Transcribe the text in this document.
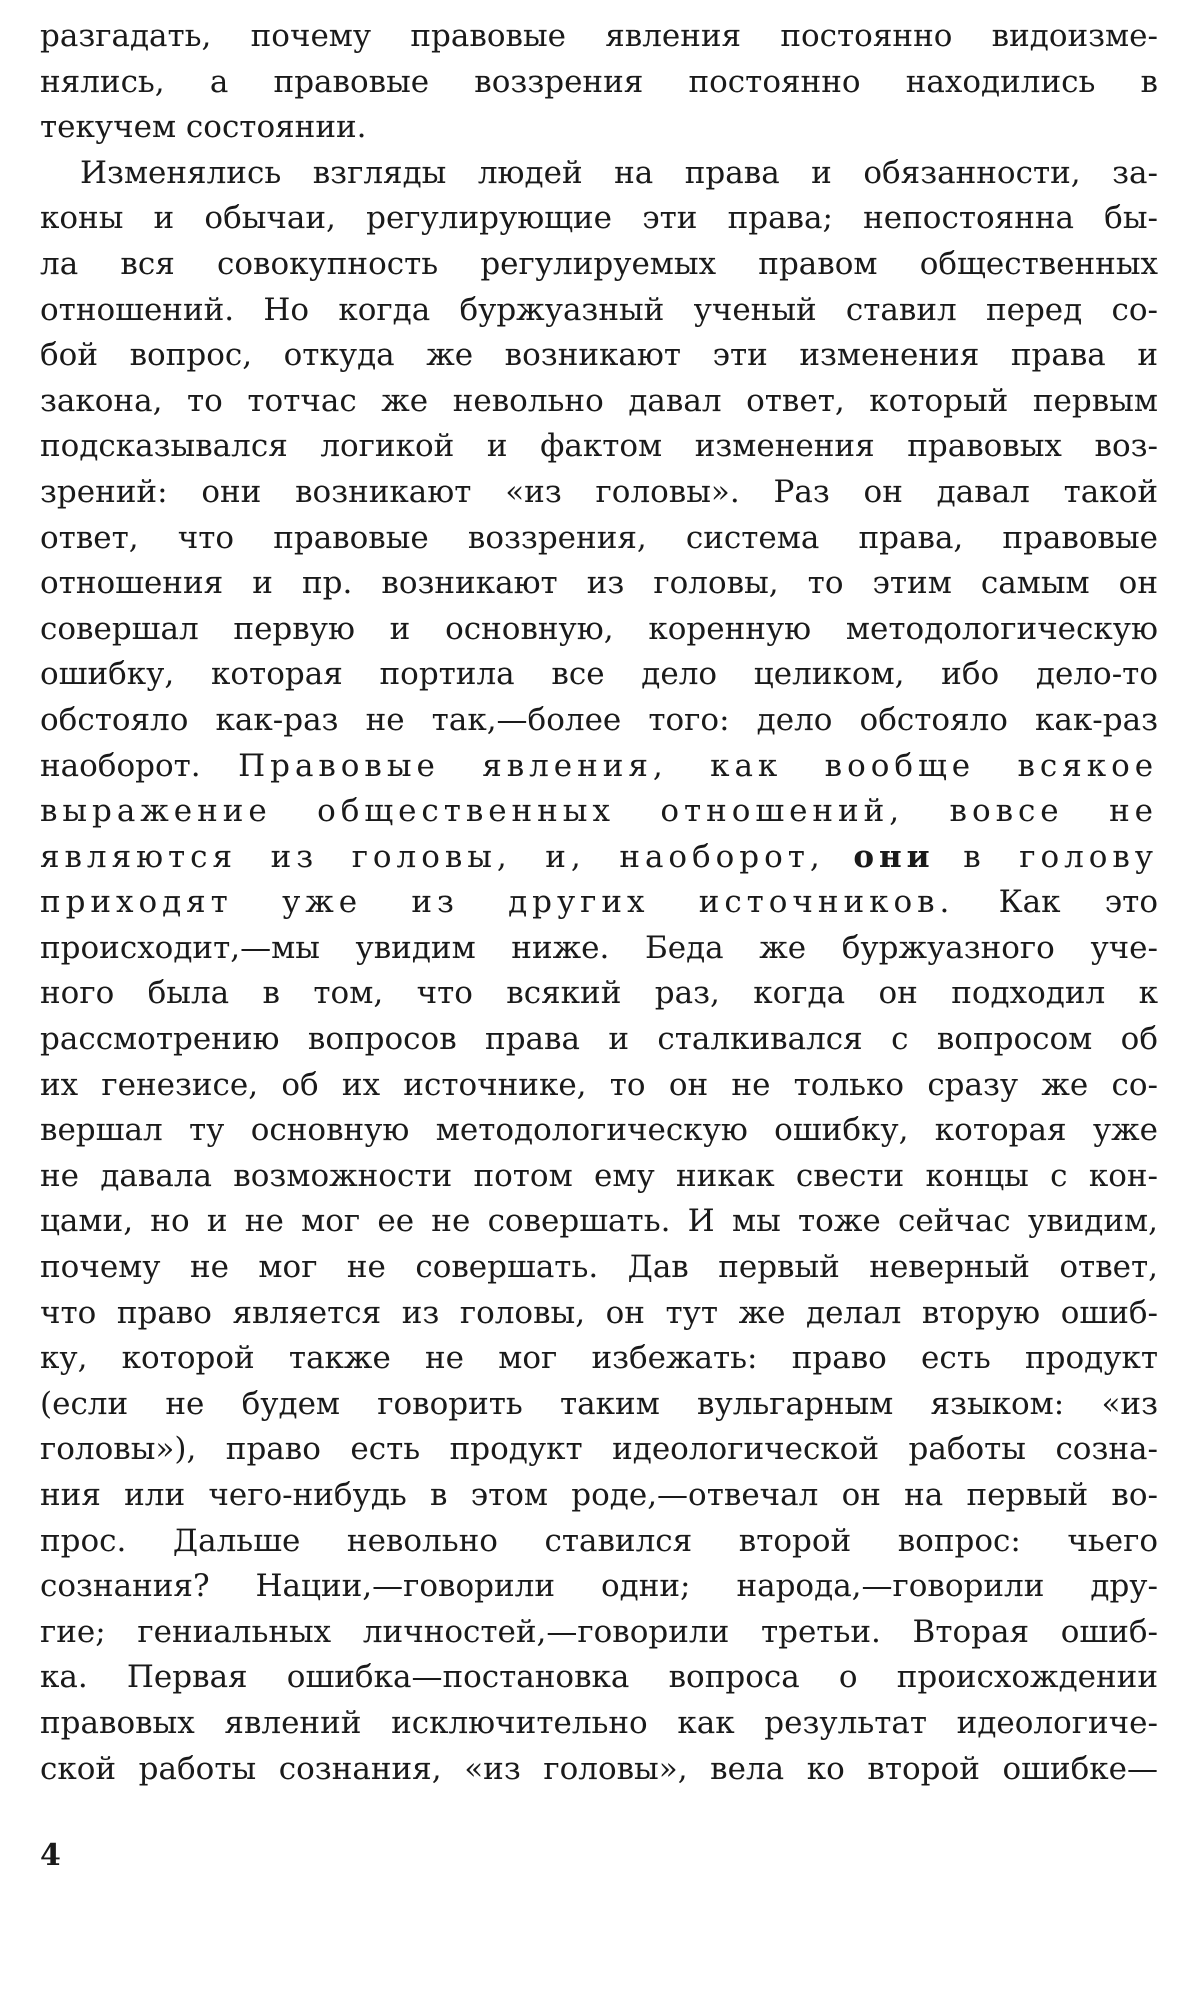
разгадать, почему правовые явления постоянно видоизме-
нялись, а правовые воззрения постоянно находились в
текучем состоянии.
Изменялись взгляды людей на права и обязанности, за-
коны и обычаи, регулирующие эти права; непостоянна бы-
ла вся совокупность регулируемых правом общественных
отношений. Но когда буржуазный ученый ставил перед со-
бой вопрос, откуда же возникают эти изменения права и
закона, то тотчас же невольно давал ответ, который первым
подсказывался логикой и фактом изменения правовых воз-
зрений: они возникают «из головы». Раз он давал такой
ответ, что правовые воззрения, система права, правовые
отношения и пр. возникают из головы, то этим самым он
совершал первую и основную, коренную методологическую
ошибку, которая портила все дело целиком, ибо дело-то
обстояло как-раз не так,—более того: дело обстояло как-раз
наоборот. Правовые явления, как вообще всякое
выражение общественных отношений, вовсе не
являются из головы, и, наоборот, они в голову
приходят уже из других источников. Как это
происходит,—мы увидим ниже. Беда же буржуазного уче-
ного была в том, что всякий раз, когда он подходил к
рассмотрению вопросов права и сталкивался с вопросом об
их генезисе, об их источнике, то он не только сразу же со-
вершал ту основную методологическую ошибку, которая уже
не давала возможности потом ему никак свести концы с кон-
цами, но и не мог ее не совершать. И мы тоже сейчас увидим,
почему не мог не совершать. Дав первый неверный ответ,
что право является из головы, он тут же делал вторую ошиб-
ку, которой также не мог избежать: право есть продукт
(если не будем говорить таким вульгарным языком: «из
головы»), право есть продукт идеологической работы созна-
ния или чего-нибудь в этом роде,—отвечал он на первый во-
прос. Дальше невольно ставился второй вопрос: чьего
сознания? Нации,—говорили одни; народа,—говорили дру-
гие; гениальных личностей,—говорили третьи. Вторая ошиб-
ка. Первая ошибка—постановка вопроса о происхождении
правовых явлений исключительно как результат идеологиче-
ской работы сознания, «из головы», вела ко второй ошибке—
4
